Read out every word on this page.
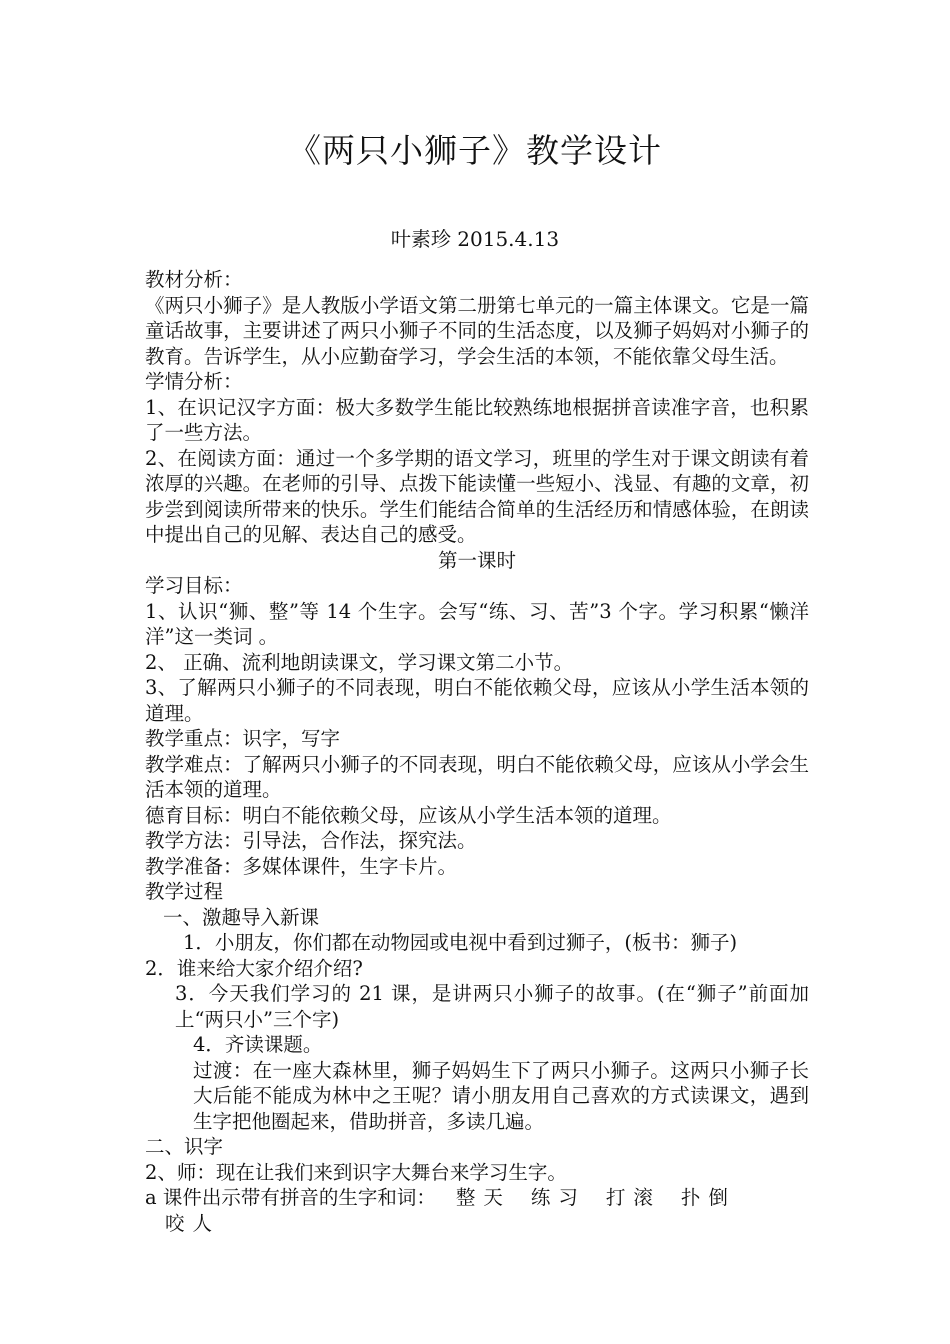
《两只小狮子》教学设计
叶素珍 2015.4.13

教材分析：

《两只小狮子》是人教版小学语文第二册第七单元的一篇主体课文。它是一篇童话故事，主要讲述了两只小狮子不同的生活态度，以及狮子妈妈对小狮子的教育。告诉学生，从小应勤奋学习，学会生活的本领，不能依靠父母生活。

学情分析：

1、在识记汉字方面：极大多数学生能比较熟练地根据拼音读准字音，也积累了一些方法。

2、在阅读方面：通过一个多学期的语文学习，班里的学生对于课文朗读有着浓厚的兴趣。在老师的引导、点拨下能读懂一些短小、浅显、有趣的文章，初步尝到阅读所带来的快乐。学生们能结合简单的生活经历和情感体验，在朗读中提出自己的见解、表达自己的感受。

第一课时

学习目标：

1、认识“狮、整”等 14 个生字。会写“练、习、苦”3 个字。学习积累“懒洋洋”这一类词 。

2、 正确、流利地朗读课文，学习课文第二小节。

3、了解两只小狮子的不同表现，明白不能依赖父母，应该从小学生活本领的道理。

教学重点：识字，写字

教学难点：了解两只小狮子的不同表现，明白不能依赖父母，应该从小学会生活本领的道理。

德育目标：明白不能依赖父母，应该从小学生活本领的道理。

教学方法：引导法，合作法，探究法。

教学准备：多媒体课件，生字卡片。

教学过程

一、激趣导入新课

1．小朋友，你们都在动物园或电视中看到过狮子，(板书：狮子)

2．谁来给大家介绍介绍?

3．今天我们学习的 21 课，是讲两只小狮子的故事。(在“狮子”前面加上“两只小”三个字)

4．齐读课题。

过渡：在一座大森林里，狮子妈妈生下了两只小狮子。这两只小狮子长大后能不能成为林中之王呢？请小朋友用自己喜欢的方式读课文，遇到生字把他圈起来，借助拼音，多读几遍。

二、识字

2、师：现在让我们来到识字大舞台来学习生字。

a 课件出示带有拼音的生字和词： 整天 练习 打滚 扑倒咬人
